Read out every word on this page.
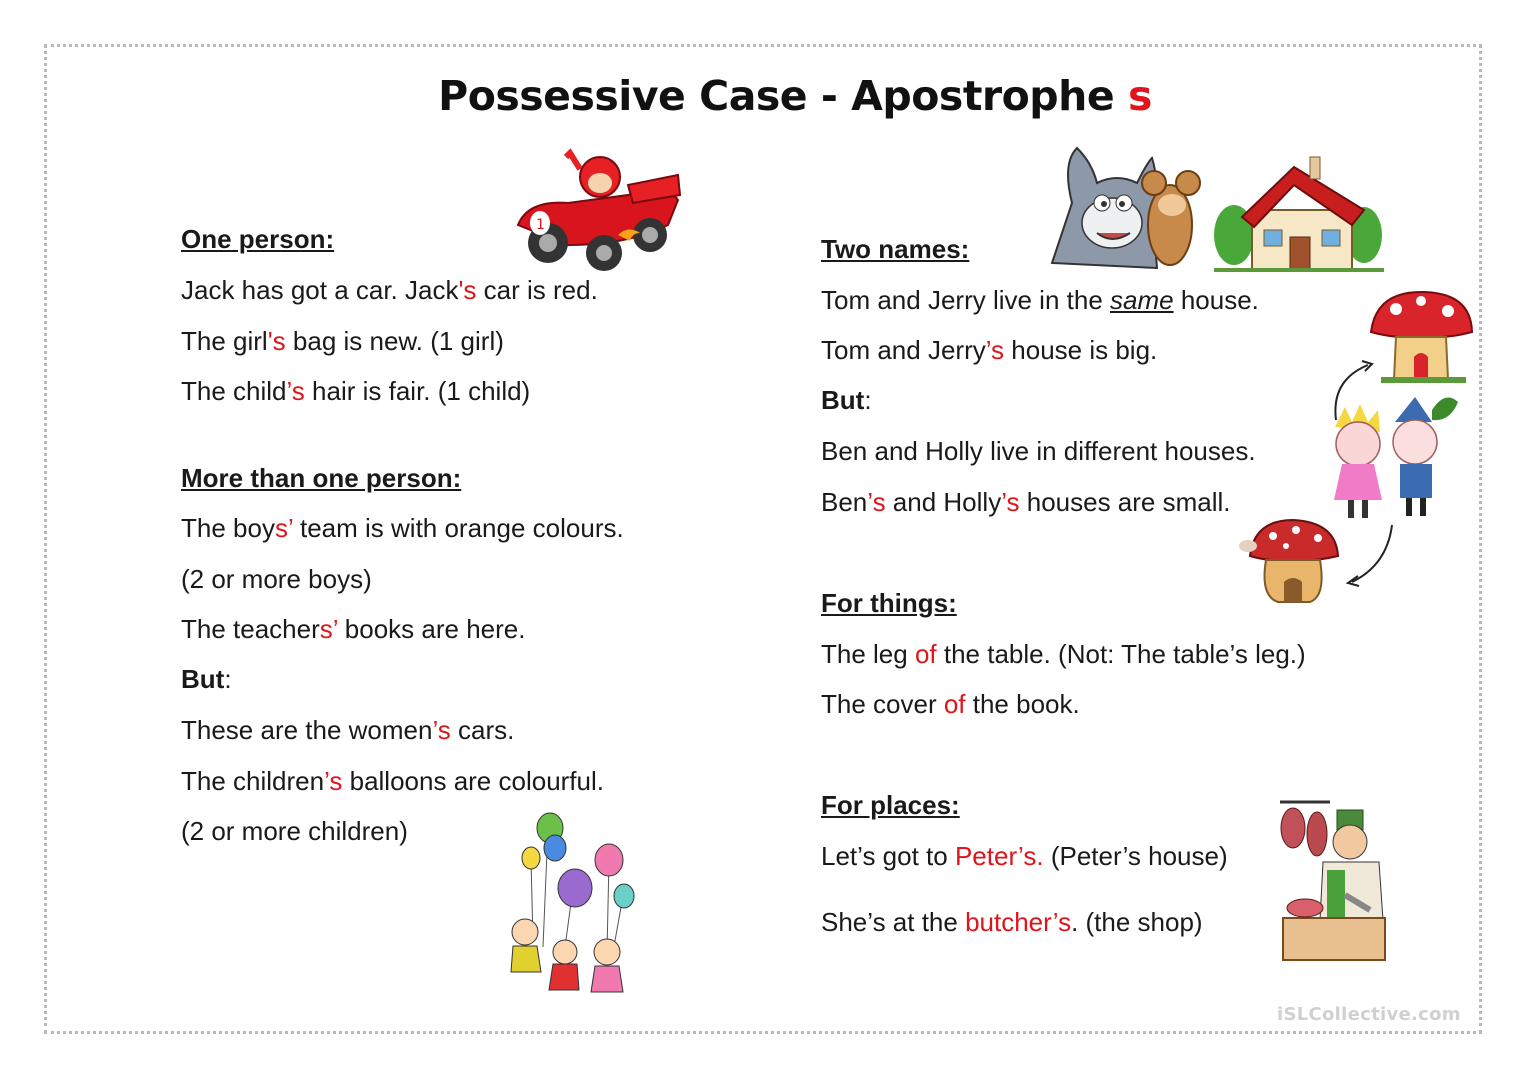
Possessive Case - Apostrophe s
One person:
Jack has got a car. Jack's car is red.
The girl's bag is new. (1 girl)
The child’s hair is fair. (1 child)
More than one person:
The boys’ team is with orange colours.
(2 or more boys)
The teachers’ books are here.
But:
These are the women’s cars.
The children’s balloons are colourful.
(2 or more children)
Two names:
Tom and Jerry live in the same house.
Tom and Jerry’s house is big.
But:
Ben and Holly live in different houses.
Ben’s and Holly’s houses are small.
For things:
The leg of the table. (Not: The table’s leg.)
The cover of the book.
For places:
Let’s got to Peter’s. (Peter’s house)
She’s at the butcher’s. (the shop)
1
iSLCollective.com
